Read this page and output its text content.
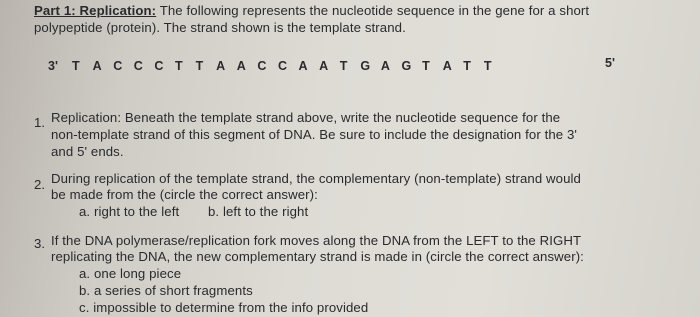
Part 1: Replication: The following represents the nucleotide sequence in the gene for a short
polypeptide (protein). The strand shown is the template strand.
3' T	A C C C T	T	A A C C A A T	G A G T	A T	T	5'
1. Replication: Beneath the template strand above, write the nucleotide sequence for the
non-template strand of this segment of DNA. Be sure to include the designation for the 3'
and 5' ends.
2. During replication of the template strand, the complementary (non-template) strand would
be made from the (circle the correct answer):
a. right to the left b. left to the right
3. If the DNA polymerase/replication fork moves along the DNA from the LEFT to the RIGHT
replicating the DNA, the new complementary strand is made in (circle the correct answer):
a. one long piece
b. a series of short fragments
c. impossible to determine from the info provided
